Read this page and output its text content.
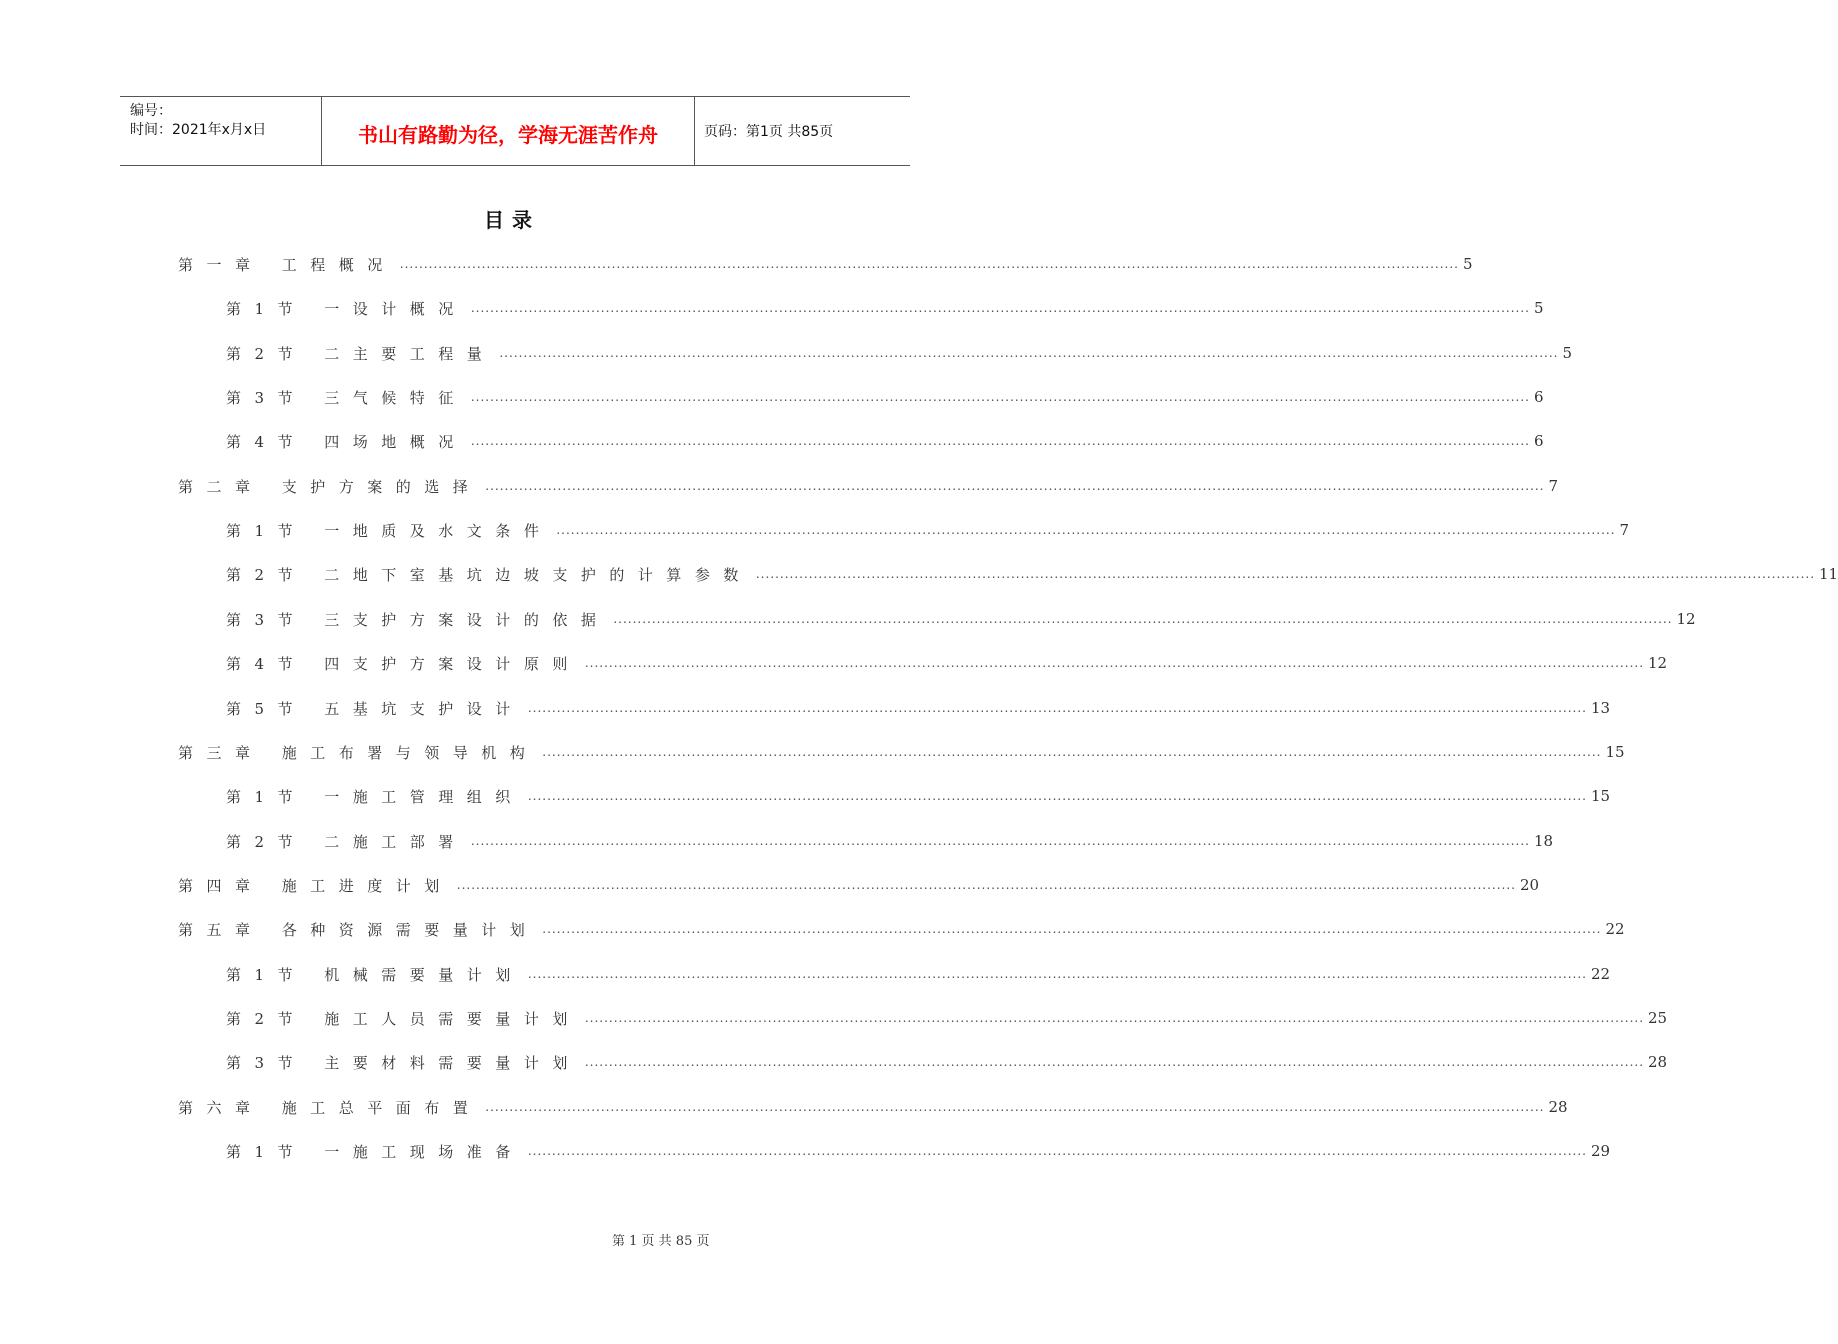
编号：
时间：2021年x月x日	书山有路勤为径，学海无涯苦作舟	页码：第1页 共85页
目录
第一章 工程概况 ............................................................................................................................................................................................................................ 5
第1节 一设计概况 ............................................................................................................................................................................................................................ 5
第2节 二主要工程量 ............................................................................................................................................................................................................................ 5
第3节 三气候特征 ............................................................................................................................................................................................................................ 6
第4节 四场地概况 ............................................................................................................................................................................................................................ 6
第二章 支护方案的选择 ............................................................................................................................................................................................................................ 7
第1节 一地质及水文条件 ............................................................................................................................................................................................................................ 7
第2节 二地下室基坑边坡支护的计算参数 ............................................................................................................................................................................................................................ 11
第3节 三支护方案设计的依据 ............................................................................................................................................................................................................................ 12
第4节 四支护方案设计原则 ............................................................................................................................................................................................................................ 12
第5节 五基坑支护设计 ............................................................................................................................................................................................................................ 13
第三章 施工布署与领导机构 ............................................................................................................................................................................................................................ 15
第1节 一施工管理组织 ............................................................................................................................................................................................................................ 15
第2节 二施工部署 ............................................................................................................................................................................................................................ 18
第四章 施工进度计划 ............................................................................................................................................................................................................................ 20
第五章 各种资源需要量计划 ............................................................................................................................................................................................................................ 22
第1节 机械需要量计划 ............................................................................................................................................................................................................................ 22
第2节 施工人员需要量计划 ............................................................................................................................................................................................................................ 25
第3节 主要材料需要量计划 ............................................................................................................................................................................................................................ 28
第六章 施工总平面布置 ............................................................................................................................................................................................................................ 28
第1节 一施工现场准备 ............................................................................................................................................................................................................................ 29
第 1 页 共 85 页
